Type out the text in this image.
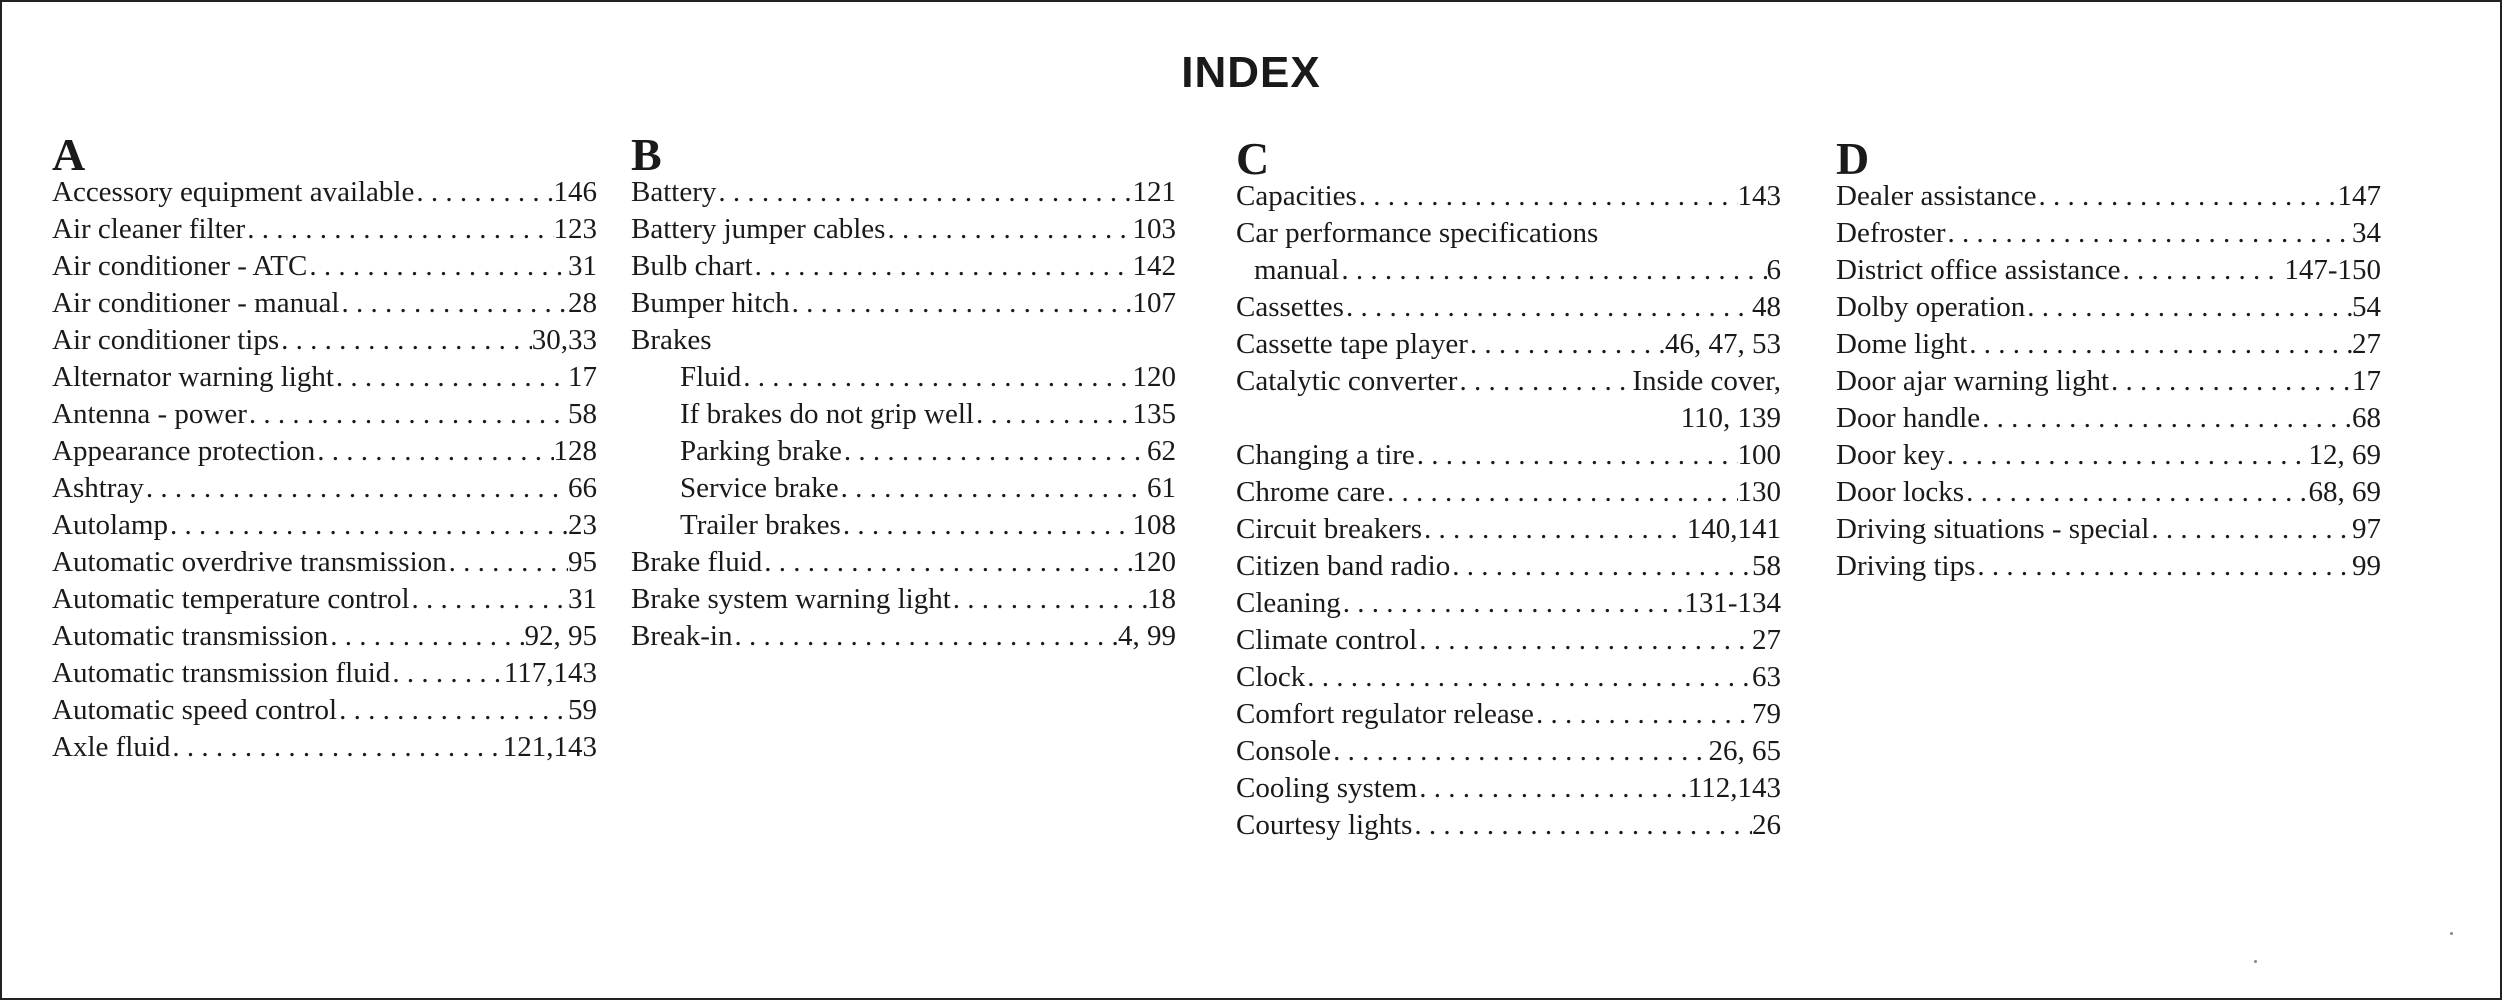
INDEX
A
Accessory equipment available . . .	146
Air cleaner filter . . .	123
Air conditioner - ATC . . .	31
Air conditioner - manual . . .	28
Air conditioner tips . . .	30,33
Alternator warning light . . .	17
Antenna - power . . .	58
Appearance protection . . .	128
Ashtray . . .	66
Autolamp . . .	23
Automatic overdrive transmission . . .	95
Automatic temperature control . . .	31
Automatic transmission . . .	92, 95
Automatic transmission fluid . . .	117,143
Automatic speed control . . .	59
Axle fluid . . .	121,143
B
Battery . . .	121
Battery jumper cables . . .	103
Bulb chart . . .	142
Bumper hitch . . .	107
Brakes
Fluid . . .	120
If brakes do not grip well . . .	135
Parking brake . . .	62
Service brake . . .	61
Trailer brakes . . .	108
Brake fluid . . .	120
Brake system warning light . . .	18
Break-in . . .	4, 99
C
Capacities . . .	143
Car performance specifications
manual . . .	6
Cassettes . . .	48
Cassette tape player . . .	46, 47, 53
Catalytic converter . . .	Inside cover,
110, 139
Changing a tire . . .	100
Chrome care . . .	130
Circuit breakers . . .	140,141
Citizen band radio . . .	58
Cleaning . . .	131-134
Climate control . . .	27
Clock . . .	63
Comfort regulator release . . .	79
Console . . .	26, 65
Cooling system . . .	112,143
Courtesy lights . . .	26
D
Dealer assistance . . .	147
Defroster . . .	34
District office assistance . . .	147-150
Dolby operation . . .	54
Dome light . . .	27
Door ajar warning light . . .	17
Door handle . . .	68
Door key . . .	12, 69
Door locks . . .	68, 69
Driving situations - special . . .	97
Driving tips . . .	99
